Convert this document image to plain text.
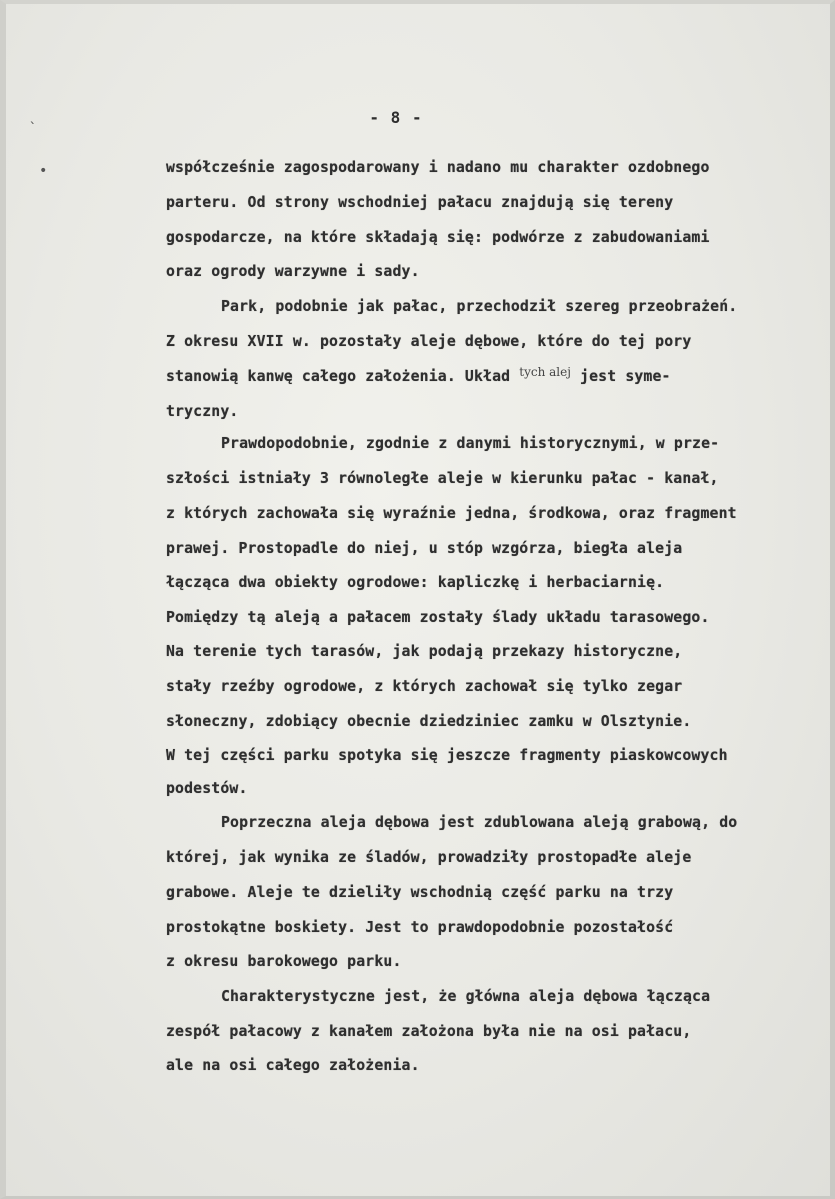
ˎ
•
- 8 -
współcześnie zagospodarowany i nadano mu charakter ozdobnego
parteru. Od strony wschodniej pałacu znajdują się tereny
gospodarcze, na które składają się: podwórze z zabudowaniami
oraz ogrody warzywne i sady.
Park, podobnie jak pałac, przechodził szereg przeobrażeń.
Z okresu XVII w. pozostały aleje dębowe, które do tej pory
stanowią kanwę całego założenia. Układ $^{tych alej}$ jest syme-
tryczny.
Prawdopodobnie, zgodnie z danymi historycznymi, w prze-
szłości istniały 3 równoległe aleje w kierunku pałac - kanał,
z których zachowała się wyraźnie jedna, środkowa, oraz fragment
prawej. Prostopadle do niej, u stóp wzgórza, biegła aleja
łącząca dwa obiekty ogrodowe: kapliczkę i herbaciarnię.
Pomiędzy tą aleją a pałacem zostały ślady układu tarasowego.
Na terenie tych tarasów, jak podają przekazy historyczne,
stały rzeźby ogrodowe, z których zachował się tylko zegar
słoneczny, zdobiący obecnie dziedziniec zamku w Olsztynie.
W tej części parku spotyka się jeszcze fragmenty piaskowcowych
podestów.
Poprzeczna aleja dębowa jest zdublowana aleją grabową, do
której, jak wynika ze śladów, prowadziły prostopadłe aleje
grabowe. Aleje te dzieliły wschodnią część parku na trzy
prostokątne boskiety. Jest to prawdopodobnie pozostałość
z okresu barokowego parku.
Charakterystyczne jest, że główna aleja dębowa łącząca
zespół pałacowy z kanałem założona była nie na osi pałacu,
ale na osi całego założenia.
